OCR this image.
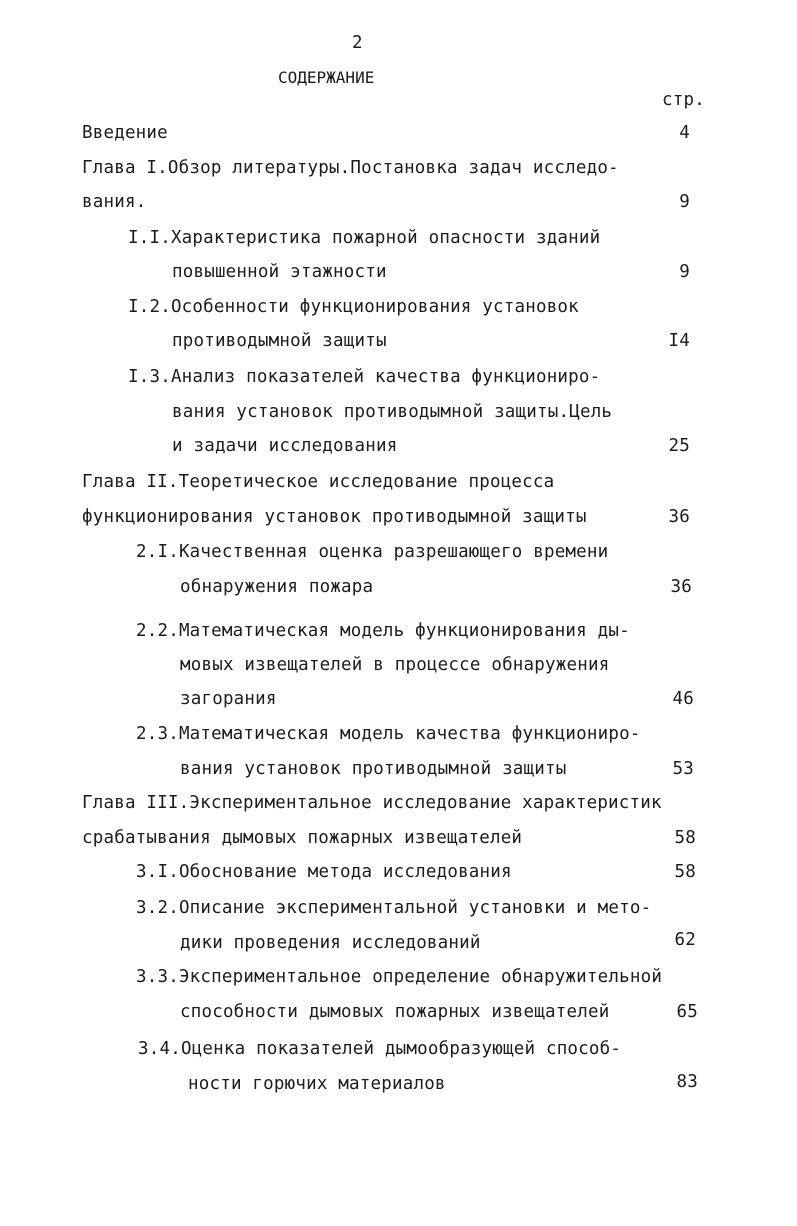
2
СОДЕРЖАНИЕ
стр.
Введение	4
Глава I.Обзор литературы.Постановка задач исследо-
вания.	9
I.I.Характеристика пожарной опасности зданий
повышенной этажности	9
I.2.Особенности функционирования установок
противодымной защиты	I4
I.3.Анализ показателей качества функциониро-
вания установок противодымной защиты.Цель
и задачи исследования	25
Глава II.Теоретическое исследование процесса
функционирования установок противодымной защиты	36
2.I.Качественная оценка разрешающего времени
обнаружения пожара	36
2.2.Математическая модель функционирования ды-
мовых извещателей в процессе обнаружения
загорания	46
2.3.Математическая модель качества функциониро-
вания установок противодымной защиты	53
Глава III.Экспериментальное исследование характеристик
срабатывания дымовых пожарных извещателей	58
3.I.Обоснование метода исследования	58
3.2.Описание экспериментальной установки и мето-
дики проведения исследований	62
3.3.Экспериментальное определение обнаружительной
способности дымовых пожарных извещателей	65
3.4.Оценка показателей дымообразующей способ-
ности горючих материалов	83
